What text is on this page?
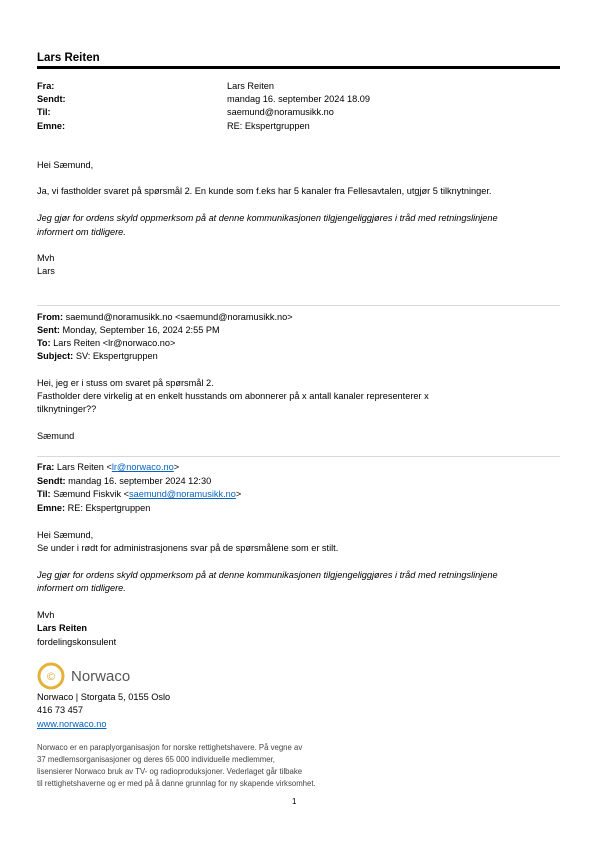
Lars Reiten
Fra:	Lars Reiten
Sendt:	mandag 16. september 2024 18.09
Til:	saemund@noramusikk.no
Emne:	RE: Ekspertgruppen
Hei Sæmund,
Ja, vi fastholder svaret på spørsmål 2. En kunde som f.eks har 5 kanaler fra Fellesavtalen, utgjør 5 tilknytninger.
Jeg gjør for ordens skyld oppmerksom på at denne kommunikasjonen tilgjengeliggjøres i tråd med retningslinjene informert om tidligere.
Mvh
Lars
From: saemund@noramusikk.no <saemund@noramusikk.no>
Sent: Monday, September 16, 2024 2:55 PM
To: Lars Reiten <lr@norwaco.no>
Subject: SV: Ekspertgruppen
Hei, jeg er i stuss om svaret på spørsmål 2.
Fastholder dere virkelig at en enkelt husstands om abonnerer på x antall kanaler representerer x
tilknytninger??
Sæmund
Fra: Lars Reiten <lr@norwaco.no>
Sendt: mandag 16. september 2024 12:30
Til: Sæmund Fiskvik <saemund@noramusikk.no>
Emne: RE: Ekspertgruppen
Hei Sæmund,
Se under i rødt for administrasjonens svar på de spørsmålene som er stilt.
Jeg gjør for ordens skyld oppmerksom på at denne kommunikasjonen tilgjengeliggjøres i tråd med retningslinjene
informert om tidligere.
Mvh
Lars Reiten
fordelingskonsulent
© Norwaco
Norwaco | Storgata 5, 0155 Oslo
416 73 457
www.norwaco.no
Norwaco er en paraplyorganisasjon for norske rettighetshavere. På vegne av
37 medlemsorganisasjoner og deres 65 000 individuelle medlemmer,
lisensierer Norwaco bruk av TV- og radioproduksjoner. Vederlaget går tilbake
til rettighetshaverne og er med på å danne grunnlag for ny skapende virksomhet.
1
